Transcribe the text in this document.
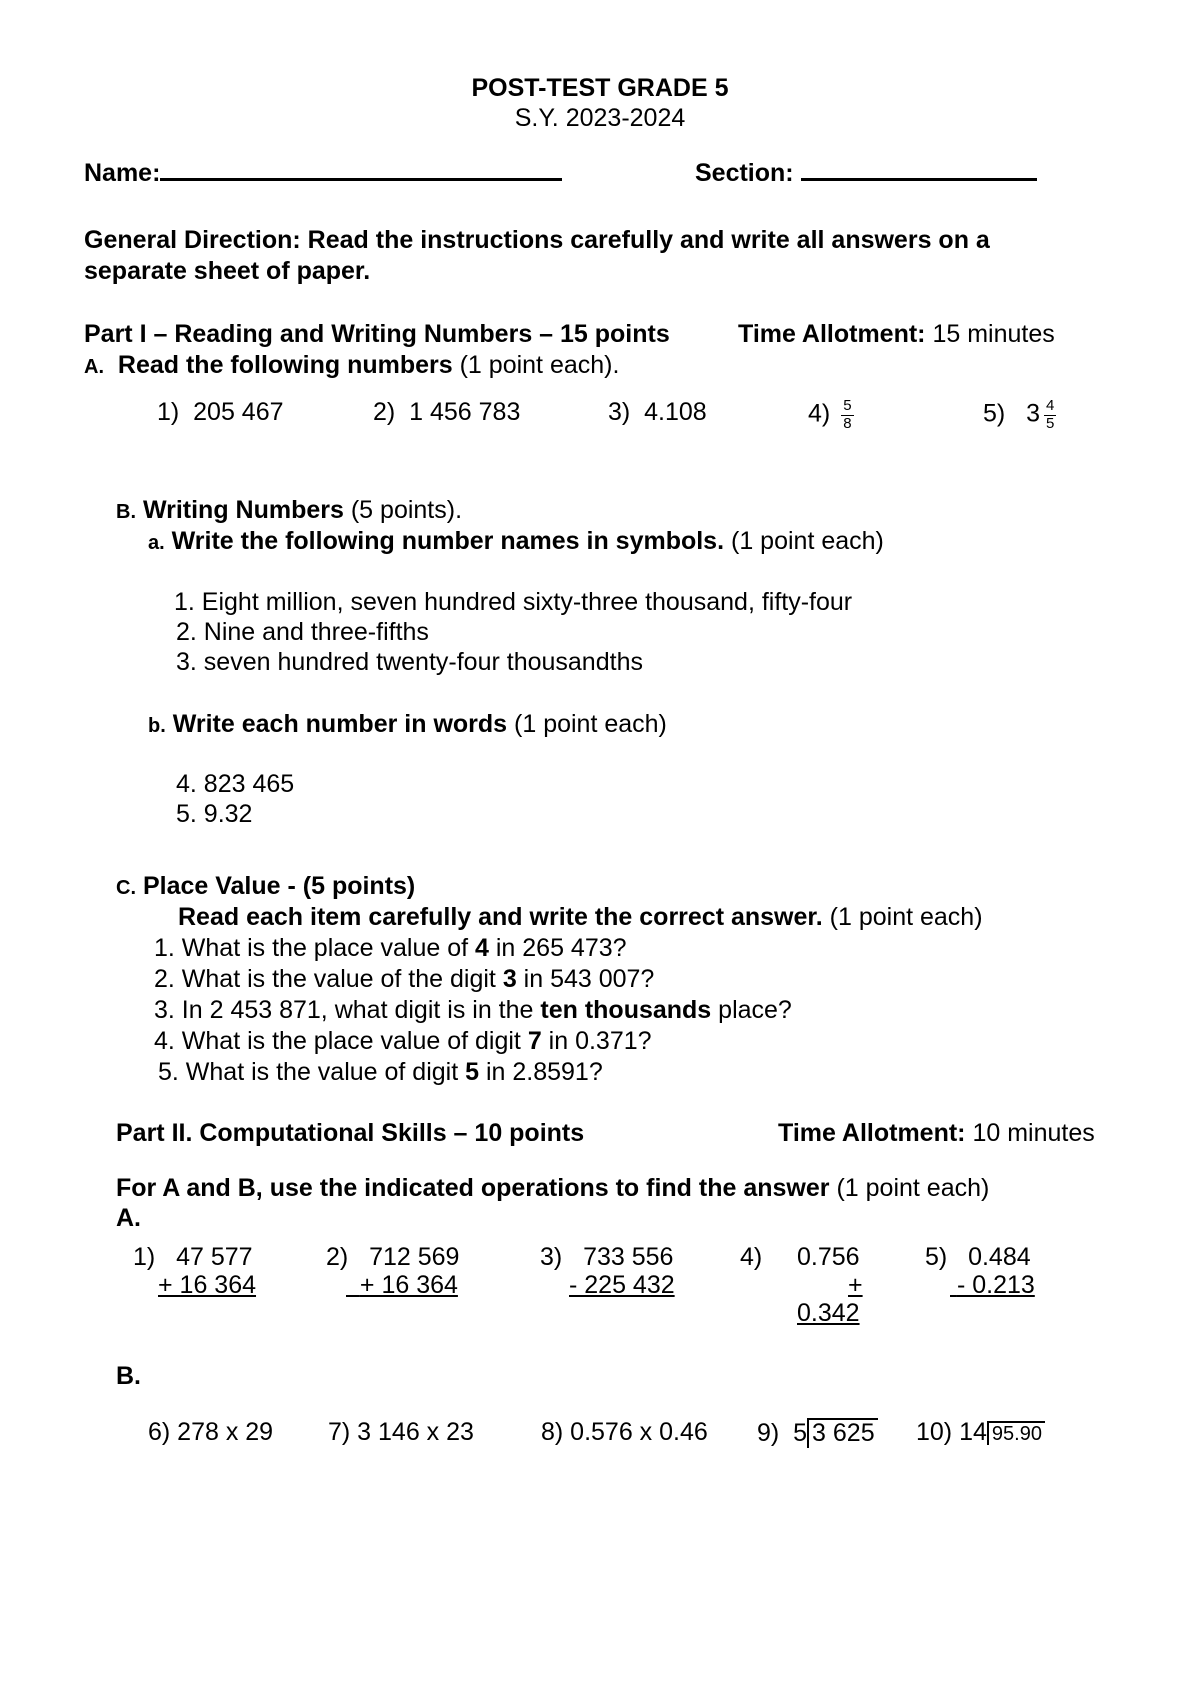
POST-TEST GRADE 5
S.Y. 2023-2024
Name:	Section:
General Direction: Read the instructions carefully and write all answers on a
separate sheet of paper.
Part I – Reading and Writing Numbers – 15 points	Time Allotment: 15 minutes
A. Read the following numbers (1 point each).
1) 205 467	2) 1 456 783	3) 4.108	$4) \frac{5}{8}$	5) $3 \frac{4}{5}$
B. Writing Numbers (5 points).
a. Write the following number names in symbols. (1 point each)
1. Eight million, seven hundred sixty-three thousand, fifty-four
2. Nine and three-fifths
3. seven hundred twenty-four thousandths
b. Write each number in words (1 point each)
4. 823 465
5. 9.32
C. Place Value - (5 points)
Read each item carefully and write the correct answer. (1 point each)
1. What is the place value of 4 in 265 473?
2. What is the value of the digit 3 in 543 007?
3. In 2 453 871, what digit is in the ten thousands place?
4. What is the place value of digit 7 in 0.371?
5. What is the value of digit 5 in 2.8591?
Part II. Computational Skills – 10 points	Time Allotment: 10 minutes
For A and B, use the indicated operations to find the answer (1 point each)
A.
1) 47 577
+ 16 364
2) 712 569
+ 16 364
3) 733 556
- 225 432
4) 0.756
+
0.342
5) 0.484
- 0.213
B.
6) 278 x 29 7) 3 146 x 23	8) 0.576 x 0.46 9) 5 3 625 10) 14 95.90
